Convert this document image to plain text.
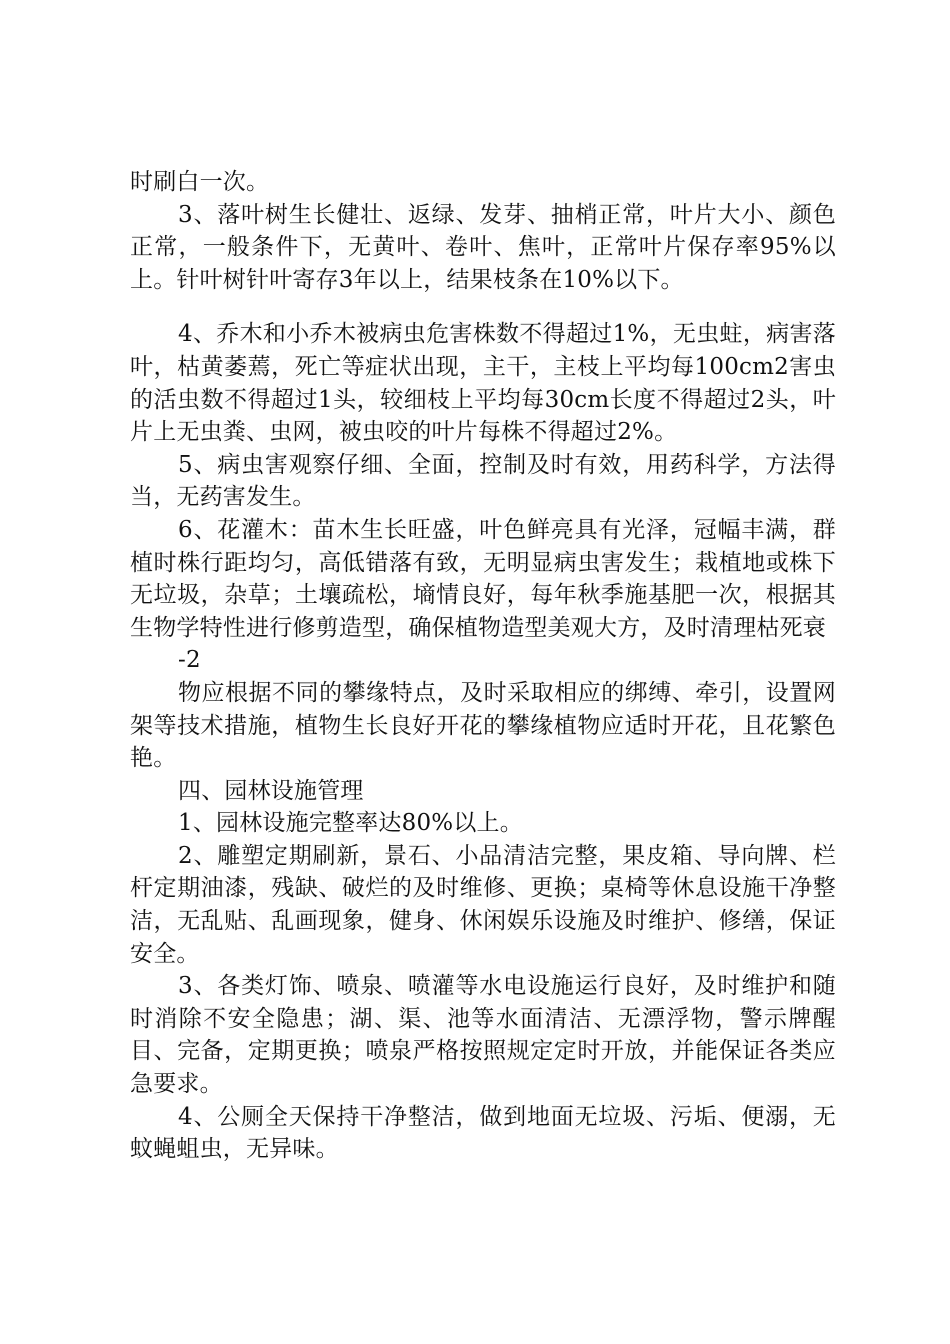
时刷白一次。

3、落叶树生长健壮、返绿、发芽、抽梢正常，叶片大小、颜色正常，一般条件下，无黄叶、卷叶、焦叶，正常叶片保存率95%以上。针叶树针叶寄存3年以上，结果枝条在10%以下。

4、乔木和小乔木被病虫危害株数不得超过1%，无虫蛀，病害落叶，枯黄萎蔫，死亡等症状出现，主干，主枝上平均每100cm2害虫的活虫数不得超过1头，较细枝上平均每30cm长度不得超过2头，叶片上无虫粪、虫网，被虫咬的叶片每株不得超过2%。

5、病虫害观察仔细、全面，控制及时有效，用药科学，方法得当，无药害发生。

6、花灌木：苗木生长旺盛，叶色鲜亮具有光泽，冠幅丰满，群植时株行距均匀，高低错落有致，无明显病虫害发生；栽植地或株下无垃圾，杂草；土壤疏松，墒情良好，每年秋季施基肥一次，根据其生物学特性进行修剪造型，确保植物造型美观大方，及时清理枯死衰

-2

物应根据不同的攀缘特点，及时采取相应的绑缚、牵引，设置网架等技术措施，植物生长良好开花的攀缘植物应适时开花，且花繁色艳。

四、园林设施管理

1、园林设施完整率达80%以上。

2、雕塑定期刷新，景石、小品清洁完整，果皮箱、导向牌、栏杆定期油漆，残缺、破烂的及时维修、更换；桌椅等休息设施干净整洁，无乱贴、乱画现象，健身、休闲娱乐设施及时维护、修缮，保证安全。

3、各类灯饰、喷泉、喷灌等水电设施运行良好，及时维护和随时消除不安全隐患；湖、渠、池等水面清洁、无漂浮物，警示牌醒目、完备，定期更换；喷泉严格按照规定定时开放，并能保证各类应急要求。

4、公厕全天保持干净整洁，做到地面无垃圾、污垢、便溺，无蚊蝇蛆虫，无异味。
